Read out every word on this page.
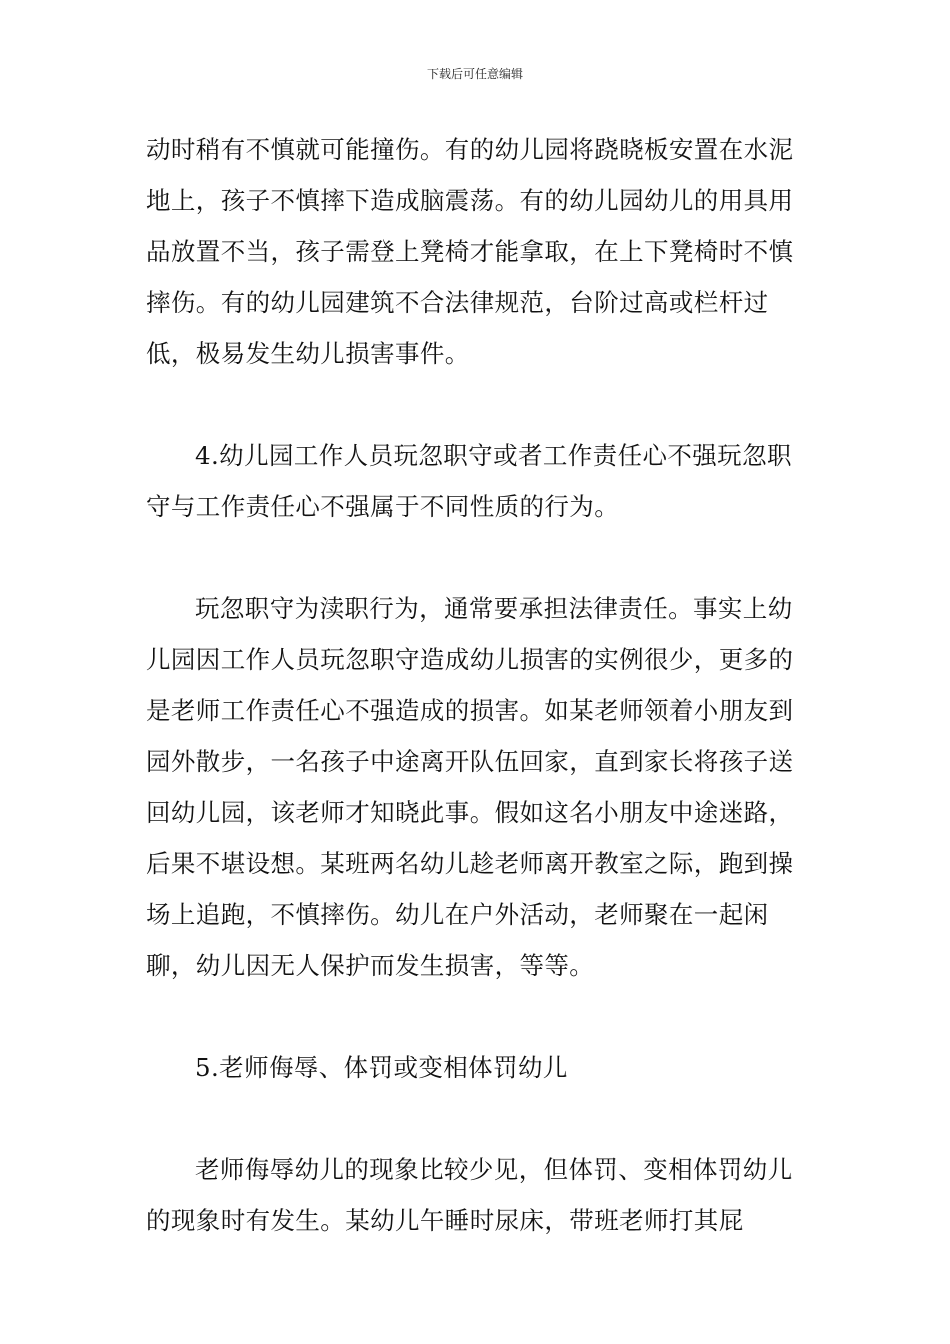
下载后可任意编辑

动时稍有不慎就可能撞伤。有的幼儿园将跷晓板安置在水泥地上，孩子不慎摔下造成脑震荡。有的幼儿园幼儿的用具用品放置不当，孩子需登上凳椅才能拿取，在上下凳椅时不慎摔伤。有的幼儿园建筑不合法律规范，台阶过高或栏杆过低，极易发生幼儿损害事件。

4.幼儿园工作人员玩忽职守或者工作责任心不强玩忽职守与工作责任心不强属于不同性质的行为。

玩忽职守为渎职行为，通常要承担法律责任。事实上幼儿园因工作人员玩忽职守造成幼儿损害的实例很少，更多的是老师工作责任心不强造成的损害。如某老师领着小朋友到园外散步，一名孩子中途离开队伍回家，直到家长将孩子送回幼儿园，该老师才知晓此事。假如这名小朋友中途迷路，后果不堪设想。某班两名幼儿趁老师离开教室之际，跑到操场上追跑，不慎摔伤。幼儿在户外活动，老师聚在一起闲聊，幼儿因无人保护而发生损害，等等。

5.老师侮辱、体罚或变相体罚幼儿

老师侮辱幼儿的现象比较少见，但体罚、变相体罚幼儿的现象时有发生。某幼儿午睡时尿床，带班老师打其屁
